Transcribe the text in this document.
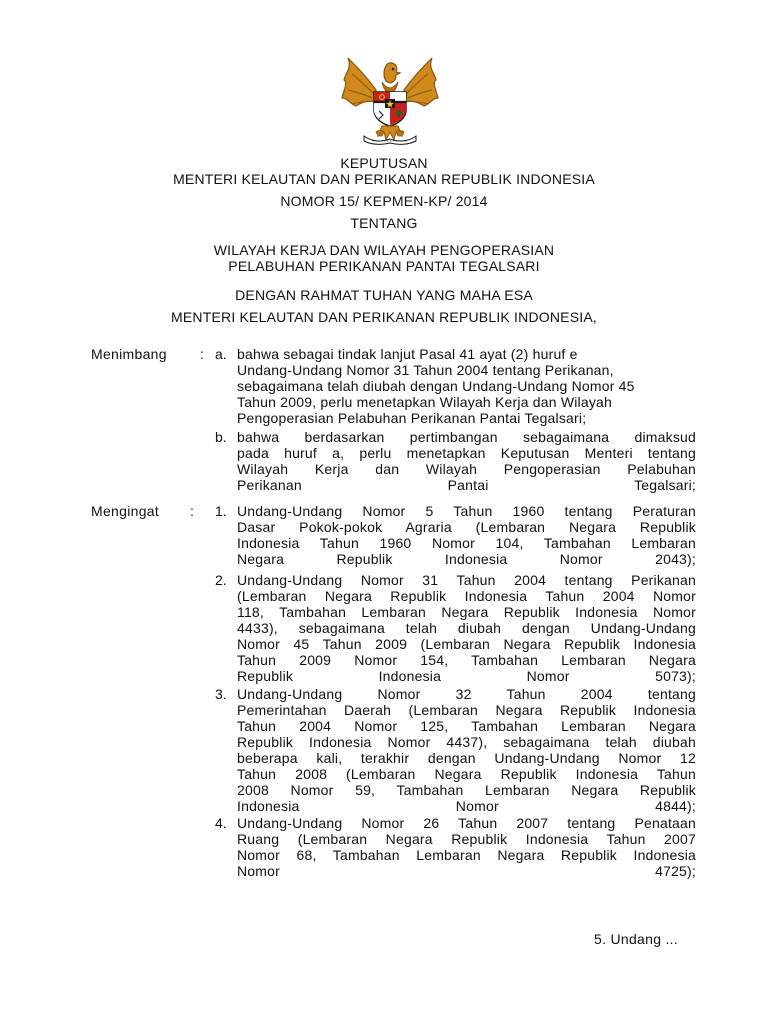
KEPUTUSAN
MENTERI KELAUTAN DAN PERIKANAN REPUBLIK INDONESIA
NOMOR 15/ KEPMEN-KP/ 2014
TENTANG
WILAYAH KERJA DAN WILAYAH PENGOPERASIAN
PELABUHAN PERIKANAN PANTAI TEGALSARI
DENGAN RAHMAT TUHAN YANG MAHA ESA
MENTERI KELAUTAN DAN PERIKANAN REPUBLIK INDONESIA,
Menimbang : a. bahwa sebagai tindak lanjut Pasal 41 ayat (2) huruf e
Undang-Undang Nomor 31 Tahun 2004 tentang Perikanan,
sebagaimana telah diubah dengan Undang-Undang Nomor 45
Tahun 2009, perlu menetapkan Wilayah Kerja dan Wilayah
Pengoperasian Pelabuhan Perikanan Pantai Tegalsari;
b. bahwa berdasarkan pertimbangan sebagaimana dimaksud
pada huruf a, perlu menetapkan Keputusan Menteri tentang
Wilayah Kerja dan Wilayah Pengoperasian Pelabuhan
Perikanan Pantai Tegalsari;
Mengingat : 1. Undang-Undang Nomor 5 Tahun 1960 tentang Peraturan
Dasar Pokok-pokok Agraria (Lembaran Negara Republik
Indonesia Tahun 1960 Nomor 104, Tambahan Lembaran
Negara Republik Indonesia Nomor 2043);
2. Undang-Undang Nomor 31 Tahun 2004 tentang Perikanan
(Lembaran Negara Republik Indonesia Tahun 2004 Nomor
118, Tambahan Lembaran Negara Republik Indonesia Nomor
4433), sebagaimana telah diubah dengan Undang-Undang
Nomor 45 Tahun 2009 (Lembaran Negara Republik Indonesia
Tahun 2009 Nomor 154, Tambahan Lembaran Negara
Republik Indonesia Nomor 5073);
3. Undang-Undang Nomor 32 Tahun 2004 tentang
Pemerintahan Daerah (Lembaran Negara Republik Indonesia
Tahun 2004 Nomor 125, Tambahan Lembaran Negara
Republik Indonesia Nomor 4437), sebagaimana telah diubah
beberapa kali, terakhir dengan Undang-Undang Nomor 12
Tahun 2008 (Lembaran Negara Republik Indonesia Tahun
2008 Nomor 59, Tambahan Lembaran Negara Republik
Indonesia Nomor 4844);
4. Undang-Undang Nomor 26 Tahun 2007 tentang Penataan
Ruang (Lembaran Negara Republik Indonesia Tahun 2007
Nomor 68, Tambahan Lembaran Negara Republik Indonesia
Nomor 4725);
5. Undang ...
